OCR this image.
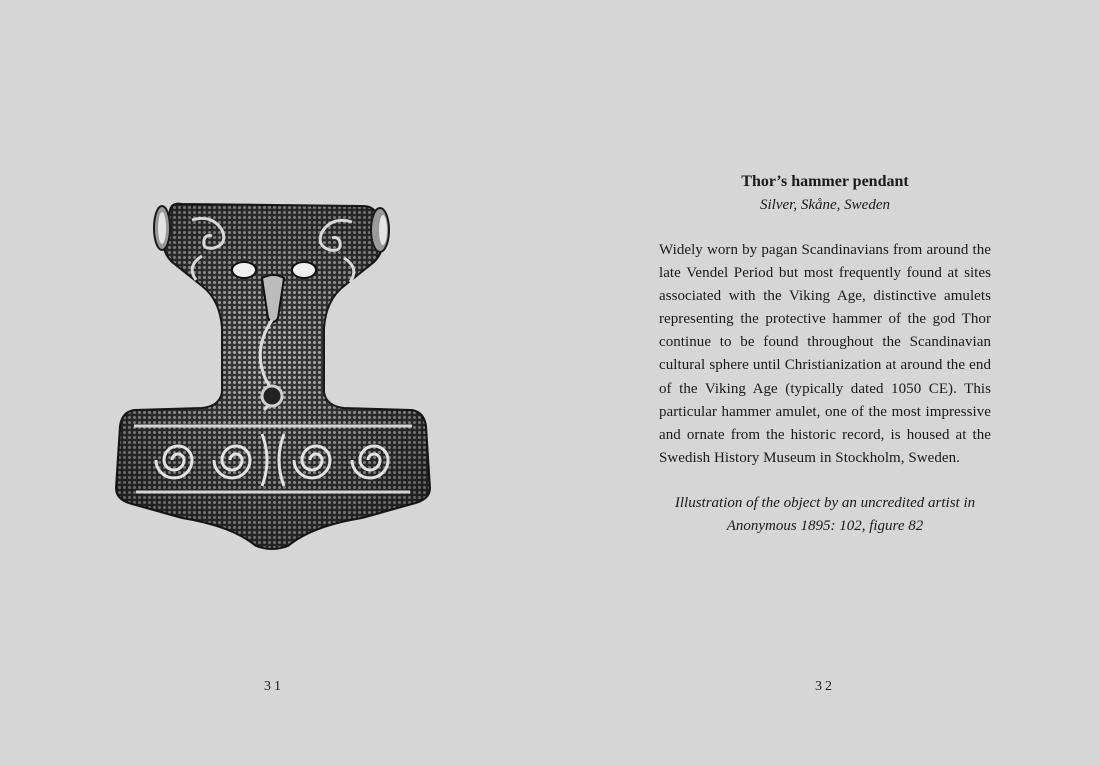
31
Thor’s hammer pendant
Silver, Skåne, Sweden
Widely worn by pagan Scandinavians from around the late Vendel Period but most frequently found at sites associated with the Viking Age, distinctive amulets representing the protective hammer of the god Thor continue to be found throughout the Scandinavian cultural sphere until Christianization at around the end of the Viking Age (typically dated 1050 CE). This particular hammer amulet, one of the most impressive and ornate from the historic record, is housed at the Swedish History Museum in Stockholm, Sweden.
Illustration of the object by an uncredited artist in
Anonymous 1895: 102, figure 82
32
